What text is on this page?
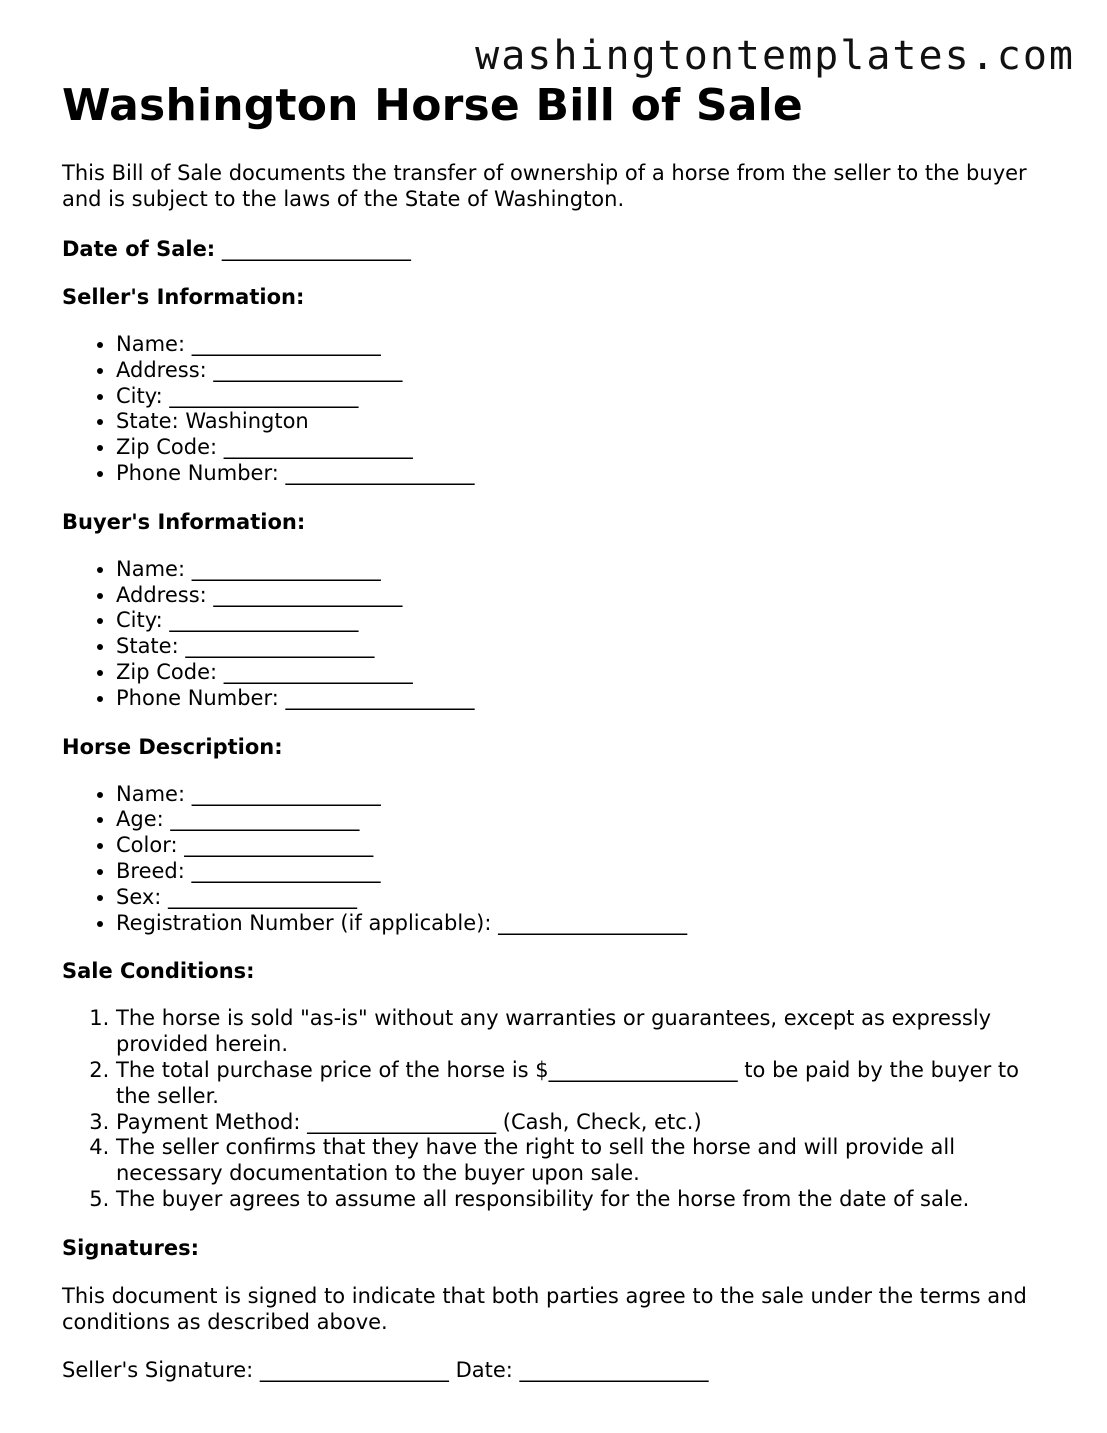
washingtontemplates.com
Washington Horse Bill of Sale

This Bill of Sale documents the transfer of ownership of a horse from the seller to the buyer and is subject to the laws of the State of Washington.

Date of Sale: __________________

Seller's Information:
• Name: __________________
• Address: __________________
• City: __________________
• State: Washington
• Zip Code: __________________
• Phone Number: __________________
Buyer's Information:
• Name: __________________
• Address: __________________
• City: __________________
• State: __________________
• Zip Code: __________________
• Phone Number: __________________
Horse Description:
• Name: __________________
• Age: __________________
• Color: __________________
• Breed: __________________
• Sex: __________________
• Registration Number (if applicable): __________________
Sale Conditions:
1. The horse is sold "as-is" without any warranties or guarantees, except as expressly provided herein.
2. The total purchase price of the horse is $__________________ to be paid by the buyer to the seller.
3. Payment Method: __________________ (Cash, Check, etc.)
4. The seller confirms that they have the right to sell the horse and will provide all necessary documentation to the buyer upon sale.
5. The buyer agrees to assume all responsibility for the horse from the date of sale.
Signatures:

This document is signed to indicate that both parties agree to the sale under the terms and conditions as described above.

Seller's Signature: __________________ Date: __________________
